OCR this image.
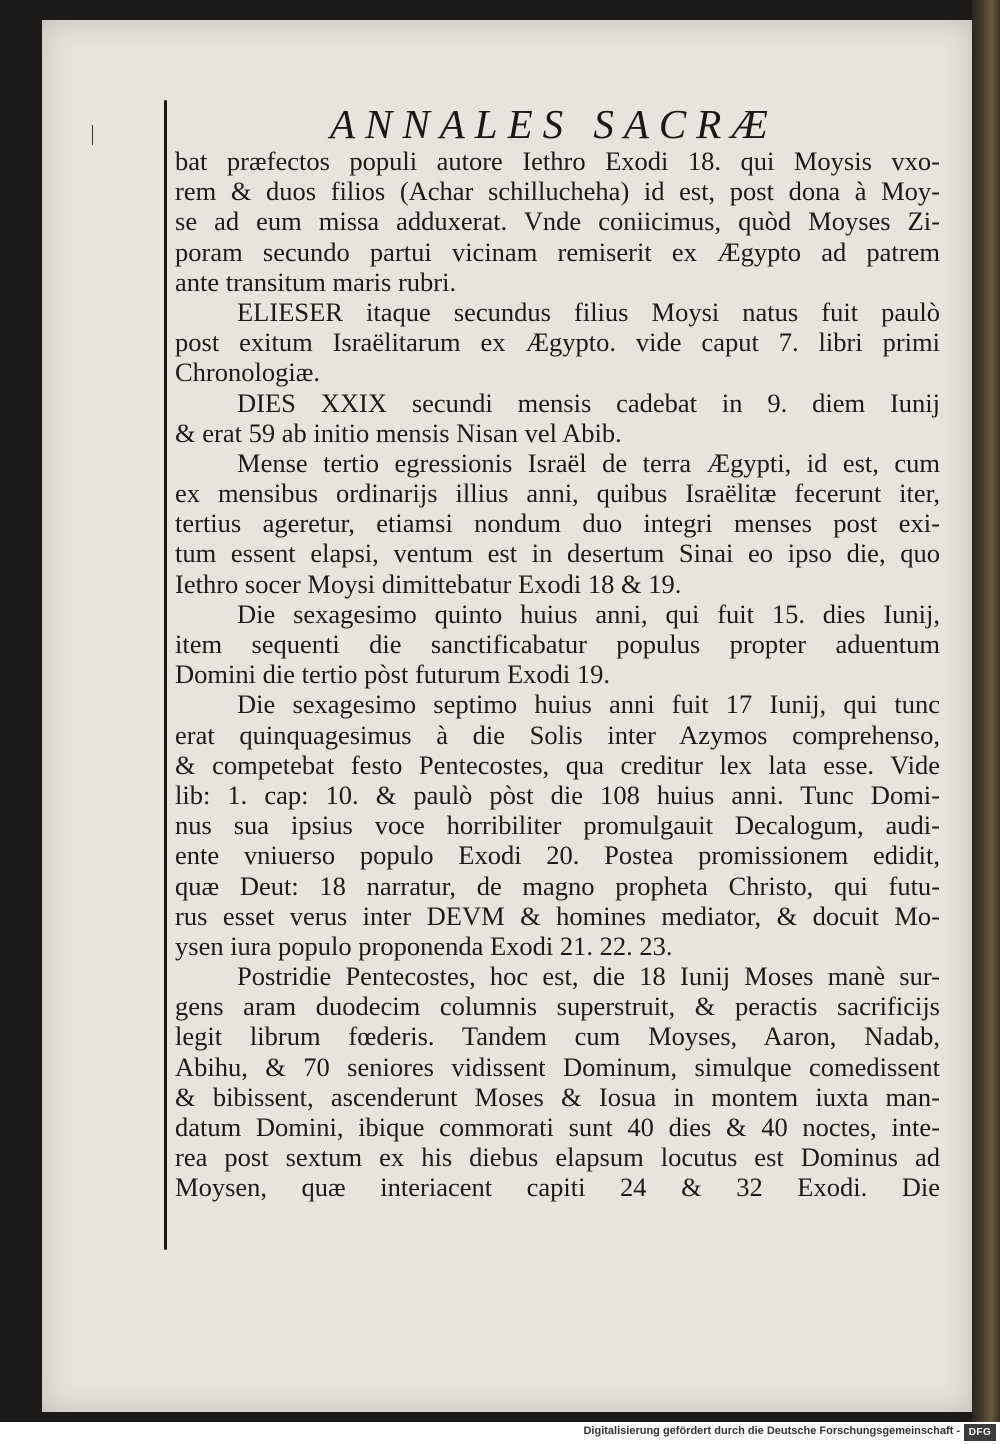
ANNALES SACRÆ
bat præfectos populi autore Iethro Exodi 18. qui Moysis vxo-
rem & duos filios (Achar schillucheha) id est, post dona à Moy-
se ad eum missa adduxerat. Vnde coniicimus, quòd Moyses Zi-
poram secundo partui vicinam remiserit ex Ægypto ad patrem
ante transitum maris rubri.
ELIESER itaque secundus filius Moysi natus fuit paulò
post exitum Israëlitarum ex Ægypto. vide caput 7. libri primi
Chronologiæ.
DIES XXIX secundi mensis cadebat in 9. diem Iunij
& erat 59 ab initio mensis Nisan vel Abib.
Mense tertio egressionis Israël de terra Ægypti, id est, cum
ex mensibus ordinarijs illius anni, quibus Israëlitæ fecerunt iter,
tertius ageretur, etiamsi nondum duo integri menses post exi-
tum essent elapsi, ventum est in desertum Sinai eo ipso die, quo
Iethro socer Moysi dimittebatur Exodi 18 & 19.
Die sexagesimo quinto huius anni, qui fuit 15. dies Iunij,
item sequenti die sanctificabatur populus propter aduentum
Domini die tertio pòst futurum Exodi 19.
Die sexagesimo septimo huius anni fuit 17 Iunij, qui tunc
erat quinquagesimus à die Solis inter Azymos comprehenso,
& competebat festo Pentecostes, qua creditur lex lata esse. Vide
lib: 1. cap: 10. & paulò pòst die 108 huius anni. Tunc Domi-
nus sua ipsius voce horribiliter promulgauit Decalogum, audi-
ente vniuerso populo Exodi 20. Postea promissionem edidit,
quæ Deut: 18 narratur, de magno propheta Christo, qui futu-
rus esset verus inter DEVM & homines mediator, & docuit Mo-
ysen iura populo proponenda Exodi 21. 22. 23.
Postridie Pentecostes, hoc est, die 18 Iunij Moses manè sur-
gens aram duodecim columnis superstruit, & peractis sacrificijs
legit librum fœderis. Tandem cum Moyses, Aaron, Nadab,
Abihu, & 70 seniores vidissent Dominum, simulque comedissent
& bibissent, ascenderunt Moses & Iosua in montem iuxta man-
datum Domini, ibique commorati sunt 40 dies & 40 noctes, inte-
rea post sextum ex his diebus elapsum locutus est Dominus ad
Moysen, quæ interiacent capiti 24 & 32 Exodi. Die
Digitalisierung gefördert durch die Deutsche Forschungsgemeinschaft - DFG
